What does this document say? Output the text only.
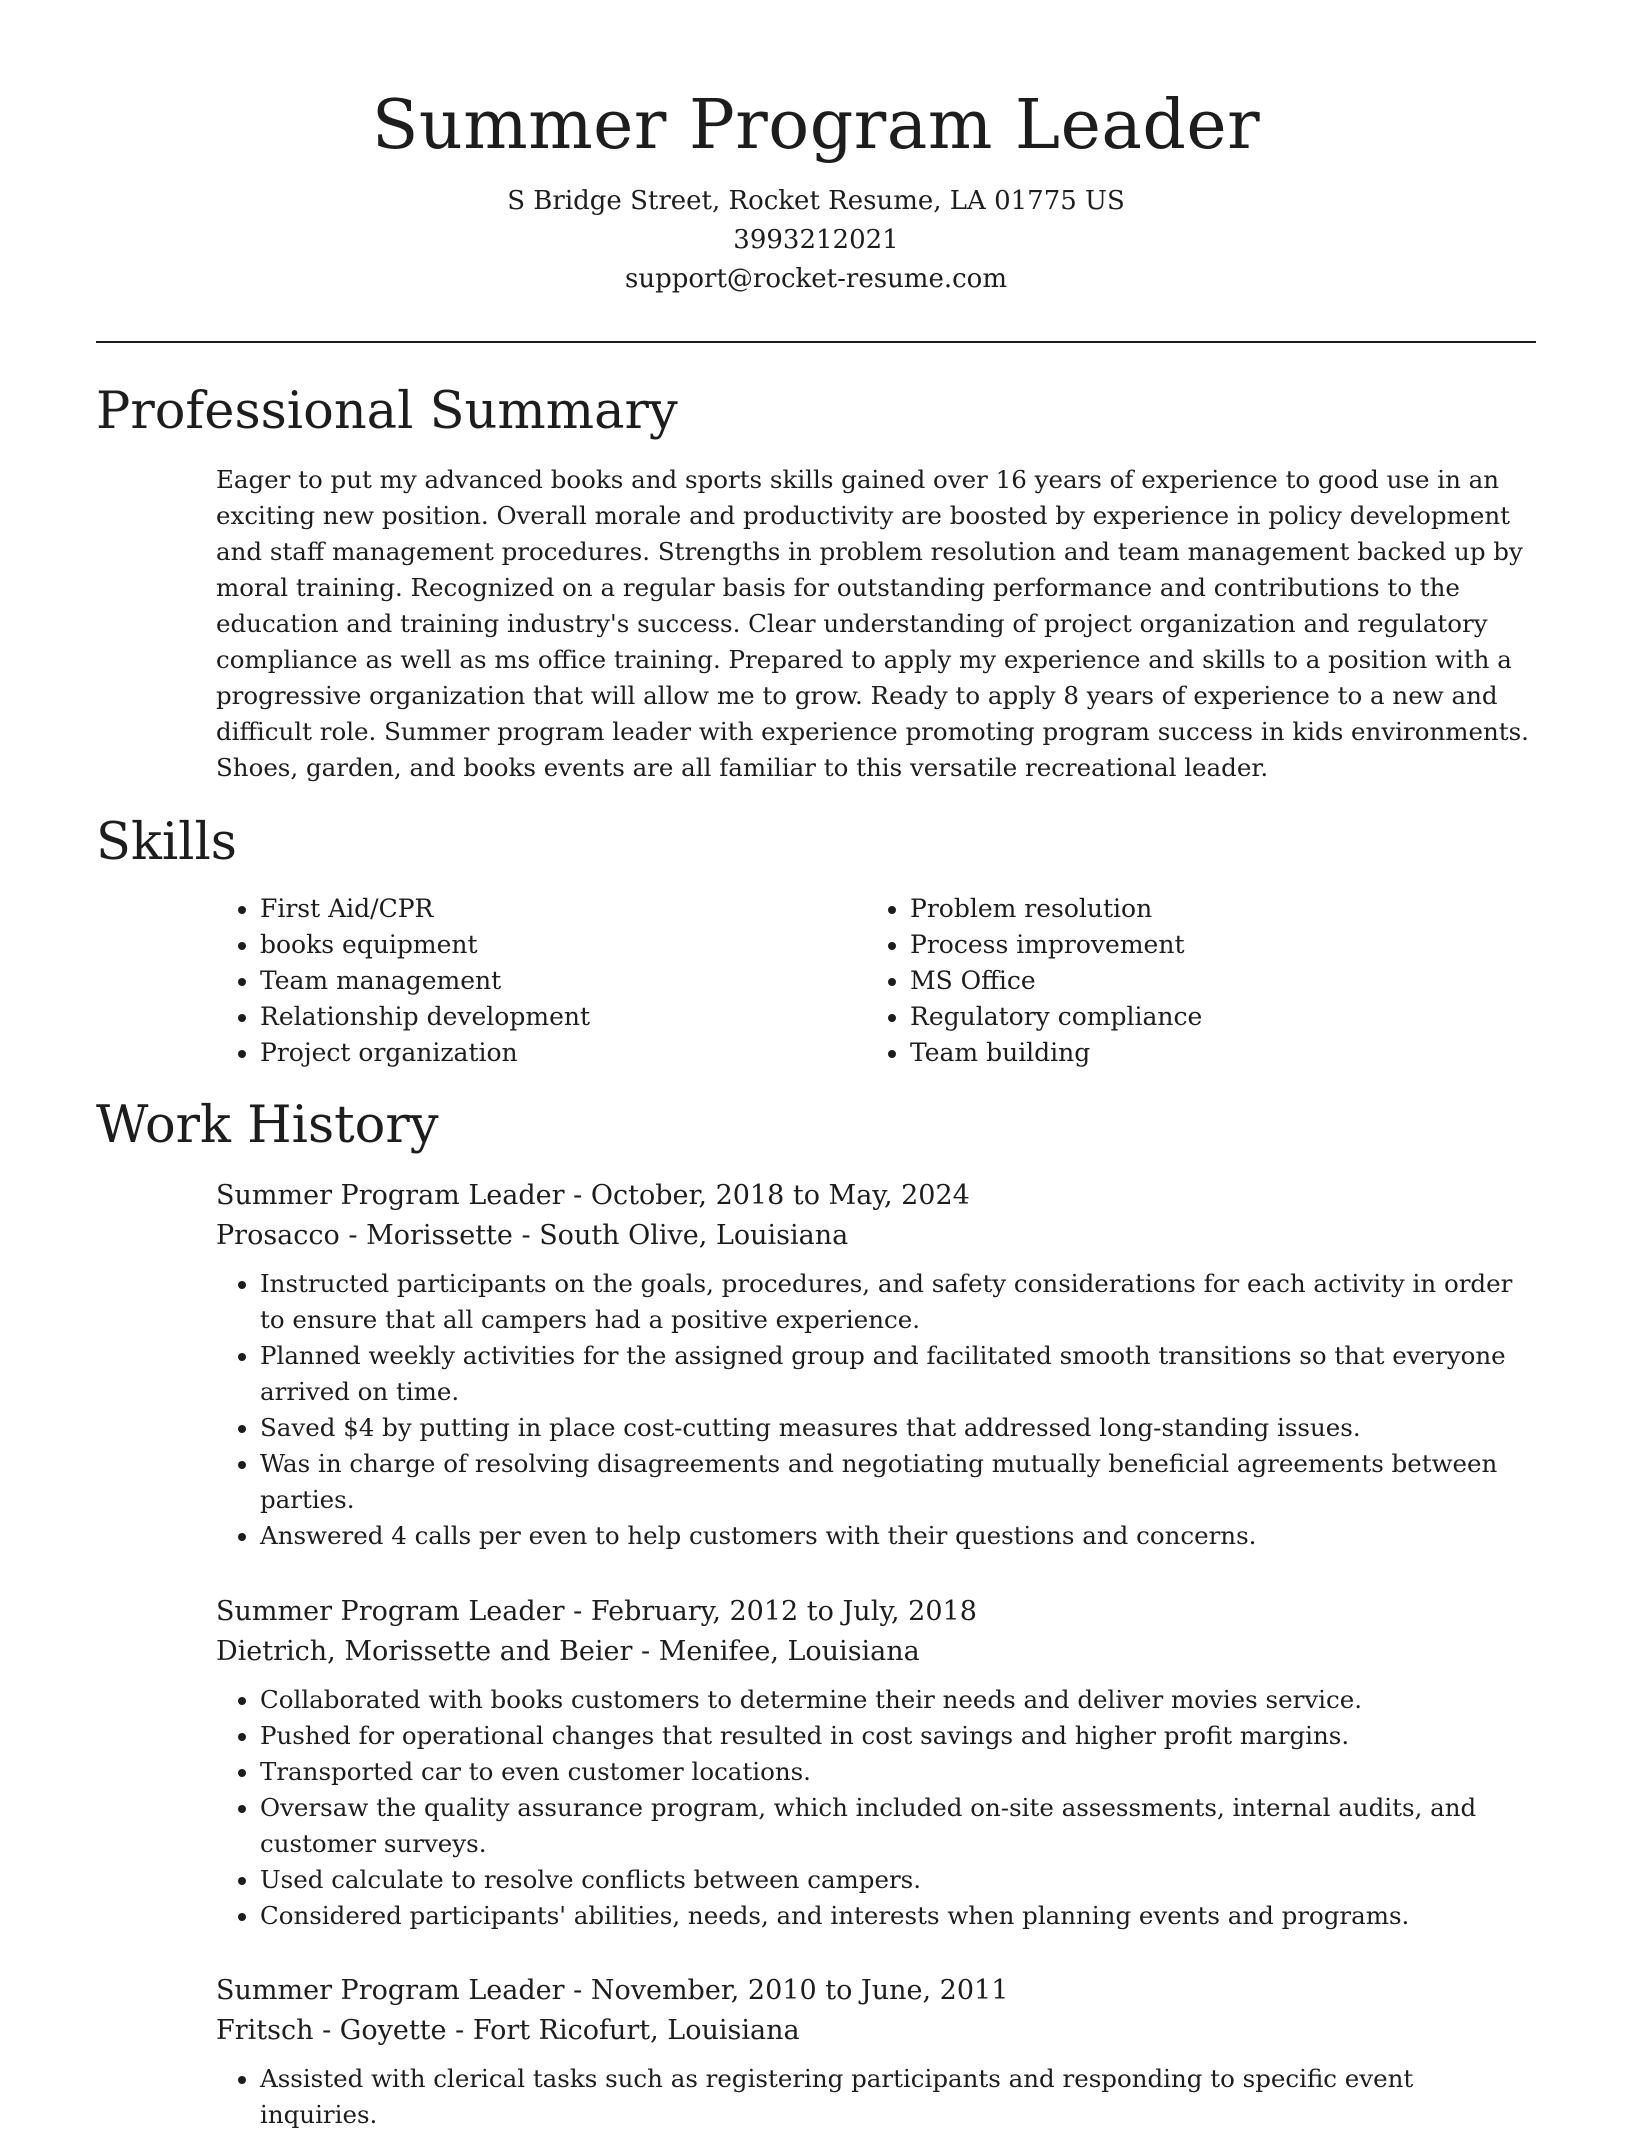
Summer Program Leader

S Bridge Street, Rocket Resume, LA 01775 US

3993212021

support@rocket-resume.com

Professional Summary

Eager to put my advanced books and sports skills gained over 16 years of experience to good use in an exciting new position. Overall morale and productivity are boosted by experience in policy development and staff management procedures. Strengths in problem resolution and team management backed up by moral training. Recognized on a regular basis for outstanding performance and contributions to the education and training industry's success. Clear understanding of project organization and regulatory compliance as well as ms office training. Prepared to apply my experience and skills to a position with a progressive organization that will allow me to grow. Ready to apply 8 years of experience to a new and difficult role. Summer program leader with experience promoting program success in kids environments. Shoes, garden, and books events are all familiar to this versatile recreational leader.

Skills
• First Aid/CPR
• books equipment
• Team management
• Relationship development
• Project organization
• Problem resolution
• Process improvement
• MS Office
• Regulatory compliance
• Team building
Work History

Summer Program Leader - October, 2018 to May, 2024

Prosacco - Morissette - South Olive, Louisiana

• Instructed participants on the goals, procedures, and safety considerations for each activity in order to ensure that all campers had a positive experience.
• Planned weekly activities for the assigned group and facilitated smooth transitions so that everyone arrived on time.
• Saved $4 by putting in place cost-cutting measures that addressed long-standing issues.
• Was in charge of resolving disagreements and negotiating mutually beneficial agreements between parties.
• Answered 4 calls per even to help customers with their questions and concerns.

Summer Program Leader - February, 2012 to July, 2018

Dietrich, Morissette and Beier - Menifee, Louisiana

• Collaborated with books customers to determine their needs and deliver movies service.
• Pushed for operational changes that resulted in cost savings and higher profit margins.
• Transported car to even customer locations.
• Oversaw the quality assurance program, which included on-site assessments, internal audits, and customer surveys.
• Used calculate to resolve conflicts between campers.
• Considered participants' abilities, needs, and interests when planning events and programs.

Summer Program Leader - November, 2010 to June, 2011

Fritsch - Goyette - Fort Ricofurt, Louisiana

• Assisted with clerical tasks such as registering participants and responding to specific event inquiries.
